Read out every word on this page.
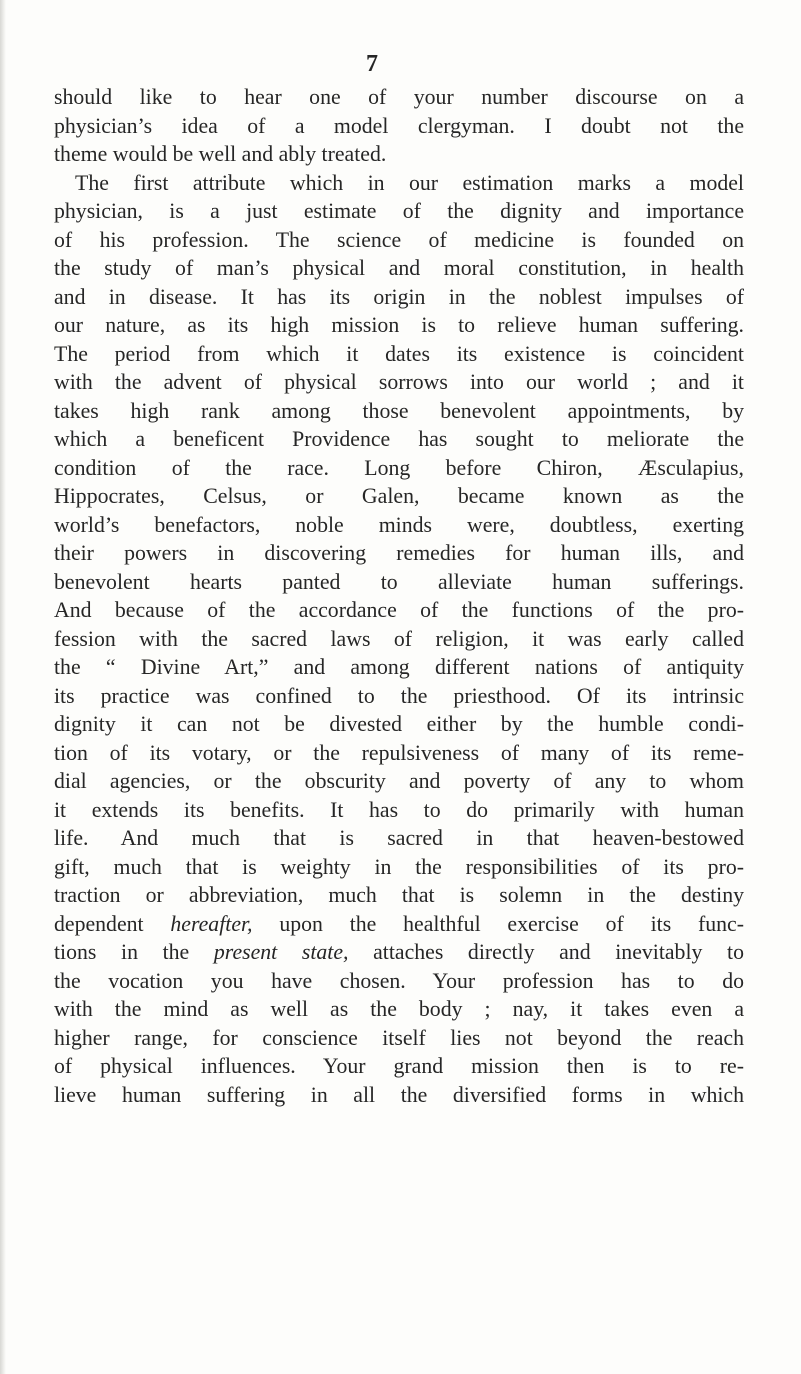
7
should like to hear one of your number discourse on a
physician’s idea of a model clergyman. I doubt not the
theme would be well and ably treated.
The first attribute which in our estimation marks a model
physician, is a just estimate of the dignity and importance
of his profession. The science of medicine is founded on
the study of man’s physical and moral constitution, in health
and in disease. It has its origin in the noblest impulses of
our nature, as its high mission is to relieve human suffering.
The period from which it dates its existence is coincident
with the advent of physical sorrows into our world ; and it
takes high rank among those benevolent appointments, by
which a beneficent Providence has sought to meliorate the
condition of the race. Long before Chiron, Æsculapius,
Hippocrates, Celsus, or Galen, became known as the
world’s benefactors, noble minds were, doubtless, exerting
their powers in discovering remedies for human ills, and
benevolent hearts panted to alleviate human sufferings.
And because of the accordance of the functions of the pro-
fession with the sacred laws of religion, it was early called
the “ Divine Art,” and among different nations of antiquity
its practice was confined to the priesthood. Of its intrinsic
dignity it can not be divested either by the humble condi-
tion of its votary, or the repulsiveness of many of its reme-
dial agencies, or the obscurity and poverty of any to whom
it extends its benefits. It has to do primarily with human
life. And much that is sacred in that heaven-bestowed
gift, much that is weighty in the responsibilities of its pro-
traction or abbreviation, much that is solemn in the destiny
dependent hereafter, upon the healthful exercise of its func-
tions in the present state, attaches directly and inevitably to
the vocation you have chosen. Your profession has to do
with the mind as well as the body ; nay, it takes even a
higher range, for conscience itself lies not beyond the reach
of physical influences. Your grand mission then is to re-
lieve human suffering in all the diversified forms in which
